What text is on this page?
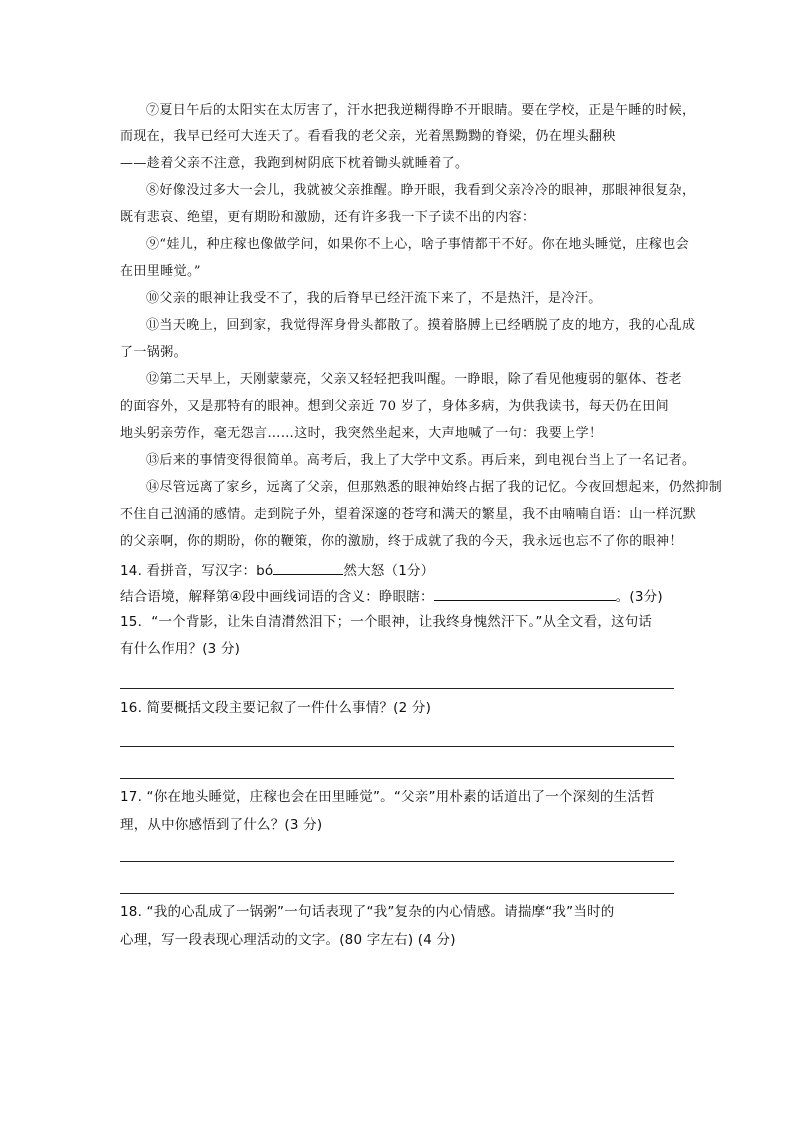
⑦夏日午后的太阳实在太厉害了，汗水把我逆糊得睁不开眼睛。要在学校，正是午睡的时候，
而现在，我早已经可大连天了。看看我的老父亲，光着黑黝黝的脊梁，仍在埋头翻秧
——趁着父亲不注意，我跑到树阴底下枕着锄头就睡着了。
⑧好像没过多大一会儿，我就被父亲推醒。睁开眼，我看到父亲冷冷的眼神，那眼神很复杂，
既有悲哀、绝望，更有期盼和激励，还有许多我一下子读不出的内容：
⑨“娃儿，种庄稼也像做学问，如果你不上心，啥子事情都干不好。你在地头睡觉，庄稼也会
在田里睡觉。”
⑩父亲的眼神让我受不了，我的后脊早已经汗流下来了，不是热汗，是冷汗。
⑪当天晚上，回到家，我觉得浑身骨头都散了。摸着胳膊上已经晒脱了皮的地方，我的心乱成
了一锅粥。
⑫第二天早上，天刚蒙蒙亮，父亲又轻轻把我叫醒。一睁眼，除了看见他瘦弱的躯体、苍老
的面容外，又是那特有的眼神。想到父亲近 70 岁了，身体多病，为供我读书，每天仍在田间
地头躬亲劳作，毫无怨言……这时，我突然坐起来，大声地喊了一句：我要上学！
⑬后来的事情变得很简单。高考后，我上了大学中文系。再后来，到电视台当上了一名记者。
⑭尽管远离了家乡，远离了父亲，但那熟悉的眼神始终占据了我的记忆。今夜回想起来，仍然抑制
不住自己汹涌的感情。走到院子外，望着深邃的苍穹和满天的繁星，我不由喃喃自语：山一样沉默
的父亲啊，你的期盼，你的鞭策，你的激励，终于成就了我的今天，我永远也忘不了你的眼神！
14. 看拼音，写汉字：bó	然大怒（1分）
结合语境，解释第④段中画线词语的含义：睁眼瞎：	。(3分)
15．“一个背影，让朱自清潸然泪下；一个眼神，让我终身愧然汗下。”从全文看，这句话
有什么作用？(3 分)
16. 简要概括文段主要记叙了一件什么事情？(2 分)
17. “你在地头睡觉，庄稼也会在田里睡觉”。“父亲”用朴素的话道出了一个深刻的生活哲
理，从中你感悟到了什么？(3 分)
18. “我的心乱成了一锅粥”一句话表现了“我”复杂的内心情感。请揣摩“我”当时的
心理，写一段表现心理活动的文字。(80 字左右) (4 分)
